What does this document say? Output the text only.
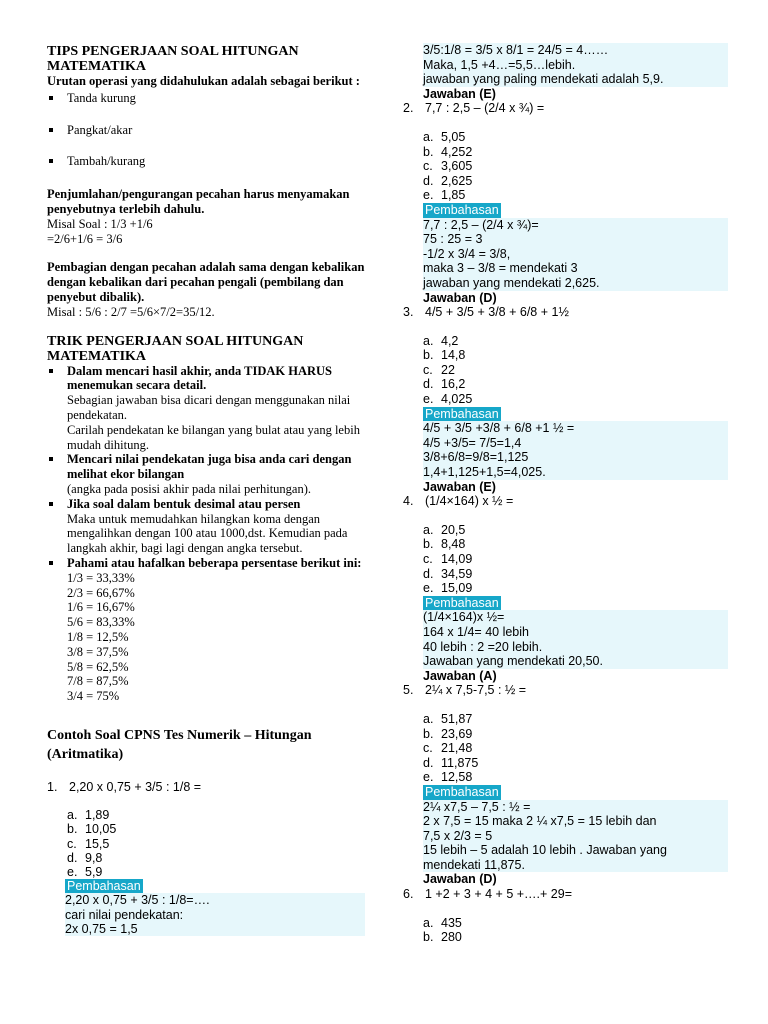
TIPS PENGERJAAN SOAL HITUNGAN MATEMATIKA
Urutan operasi yang didahulukan adalah sebagai berikut :
Tanda kurung
Pangkat/akar
Tambah/kurang
Penjumlahan/pengurangan pecahan harus menyamakan penyebutnya terlebih dahulu.
Misal Soal : 1/3 +1/6
=2/6+1/6 = 3/6
Pembagian dengan pecahan adalah sama dengan kebalikan dengan kebalikan dari pecahan pengali (pembilang dan penyebut dibalik).
Misal : 5/6 : 2/7 =5/6×7/2=35/12.
TRIK PENGERJAAN SOAL HITUNGAN MATEMATIKA
Dalam mencari hasil akhir, anda TIDAK HARUS menemukan secara detail.
Sebagian jawaban bisa dicari dengan menggunakan nilai pendekatan.
Carilah pendekatan ke bilangan yang bulat atau yang lebih mudah dihitung.
Mencari nilai pendekatan juga bisa anda cari dengan melihat ekor bilangan
(angka pada posisi akhir pada nilai perhitungan).
Jika soal dalam bentuk desimal atau persen
Maka untuk memudahkan hilangkan koma dengan mengalihkan dengan 100 atau 1000,dst. Kemudian pada langkah akhir, bagi lagi dengan angka tersebut.
Pahami atau hafalkan beberapa persentase berikut ini:
1/3 = 33,33%
2/3 = 66,67%
1/6 = 16,67%
5/6 = 83,33%
1/8 = 12,5%
3/8 = 37,5%
5/8 = 62,5%
7/8 = 87,5%
3/4 = 75%
Contoh Soal CPNS Tes Numerik – Hitungan (Aritmatika)
1. 2,20 x 0,75 + 3/5 : 1/8 =
a. 1,89
b. 10,05
c. 15,5
d. 9,8
e. 5,9
Pembahasan
2,20 x 0,75 + 3/5 : 1/8=….
cari nilai pendekatan:
2x 0,75 = 1,5
3/5:1/8 = 3/5 x 8/1 = 24/5 = 4……
Maka, 1,5 +4…=5,5…lebih.
jawaban yang paling mendekati adalah 5,9.
Jawaban (E)
2. 7,7 : 2,5 – (2/4 x ¾) =
a. 5,05
b. 4,252
c. 3,605
d. 2,625
e. 1,85
Pembahasan
7,7 : 2,5 – (2/4 x ¾)=
75 : 25 = 3
-1/2 x 3/4 = 3/8,
maka 3 – 3/8 = mendekati 3
jawaban yang mendekati 2,625.
Jawaban (D)
3. 4/5 + 3/5 + 3/8 + 6/8 + 1½
a. 4,2
b. 14,8
c. 22
d. 16,2
e. 4,025
Pembahasan
4/5 + 3/5 +3/8 + 6/8 +1 ½ =
4/5 +3/5= 7/5=1,4
3/8+6/8=9/8=1,125
1,4+1,125+1,5=4,025.
Jawaban (E)
4. (1/4×164) x ½ =
a. 20,5
b. 8,48
c. 14,09
d. 34,59
e. 15,09
Pembahasan
(1/4×164)x ½=
164 x 1/4= 40 lebih
40 lebih : 2 =20 lebih.
Jawaban yang mendekati 20,50.
Jawaban (A)
5. 2¼ x 7,5-7,5 : ½ =
a. 51,87
b. 23,69
c. 21,48
d. 11,875
e. 12,58
Pembahasan
2¼ x7,5 – 7,5 : ½ =
2 x 7,5 = 15 maka 2 ¼ x7,5 = 15 lebih dan
7,5 x 2/3 = 5
15 lebih – 5 adalah 10 lebih . Jawaban yang
mendekati 11,875.
Jawaban (D)
6. 1 +2 + 3 + 4 + 5 +….+ 29=
a. 435
b. 280
